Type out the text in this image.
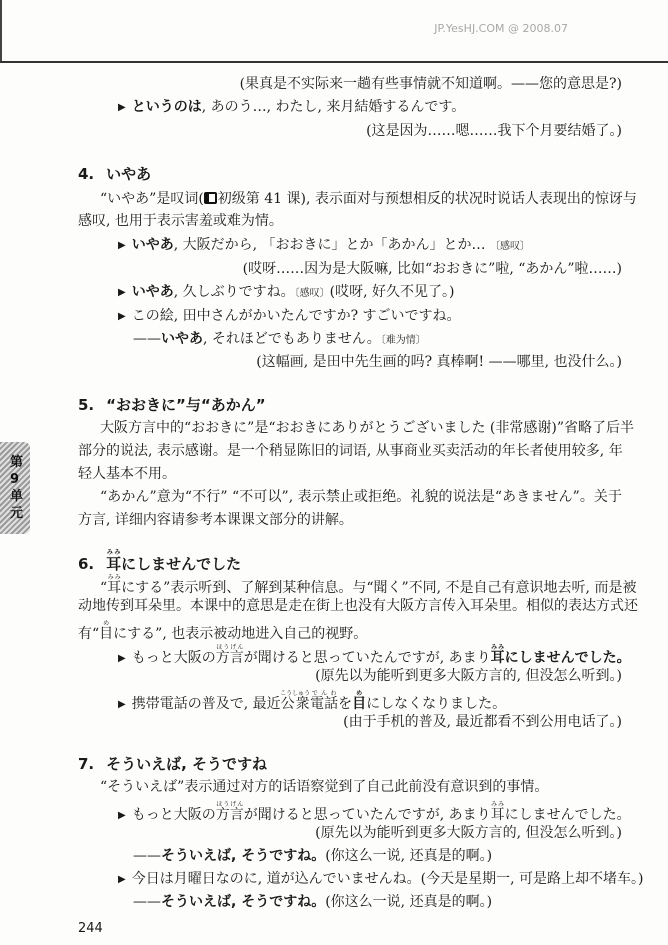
JP.YesHJ.COM @ 2008.07
第9单元
(果真是不实际来一趟有些事情就不知道啊。——您的意思是?)
▶ というのは, あのう…, わたし, 来月結婚するんです。
(这是因为……嗯……我下个月要结婚了。)
4. いやあ
“いやあ”是叹词( 初级第 41 课), 表示面对与预想相反的状况时说话人表现出的惊讶与
感叹, 也用于表示害羞或难为情。
▶ いやあ, 大阪だから, 「おおきに」とか「あかん」とか… 〔感叹〕
(哎呀……因为是大阪嘛, 比如“おおきに”啦, “あかん”啦……)
▶ いやあ, 久しぶりですね。〔感叹〕(哎呀, 好久不见了。)
▶ この絵, 田中さんがかいたんですか? すごいですね。
——いやあ, それほどでもありません。〔难为情〕
(这幅画, 是田中先生画的吗? 真棒啊! ——哪里, 也没什么。)
5. “おおきに”与“あかん”
大阪方言中的“おおきに”是“おおきにありがとうございました (非常感谢)”省略了后半
部分的说法, 表示感谢。是一个稍显陈旧的词语, 从事商业买卖活动的年长者使用较多, 年
轻人基本不用。
“あかん”意为“不行” “不可以”, 表示禁止或拒绝。礼貌的说法是“あきません”。关于
方言, 详细内容请参考本课课文部分的讲解。
6. 耳みみにしませんでした
“耳みみにする”表示听到、了解到某种信息。与“聞く”不同, 不是自己有意识地去听, 而是被
动地传到耳朵里。本课中的意思是走在街上也没有大阪方言传入耳朵里。相似的表达方式还
有“目めにする”, 也表示被动地进入自己的视野。
▶ もっと大阪の方言ほうげんが聞けると思っていたんですが, あまり耳みみにしませんでした。
(原先以为能听到更多大阪方言的, 但没怎么听到。)
▶ 携帯電話の普及で, 最近公衆こうしゅう電話でんわを目めにしなくなりました。
(由于手机的普及, 最近都看不到公用电话了。)
7. そういえば, そうですね
“そういえば”表示通过对方的话语察觉到了自己此前没有意识到的事情。
▶ もっと大阪の方言ほうげんが聞けると思っていたんですが, あまり耳みみにしませんでした。
(原先以为能听到更多大阪方言的, 但没怎么听到。)
——そういえば, そうですね。(你这么一说, 还真是的啊。)
▶ 今日は月曜日なのに, 道が込んでいませんね。(今天是星期一, 可是路上却不堵车。)
——そういえば, そうですね。(你这么一说, 还真是的啊。)
244
